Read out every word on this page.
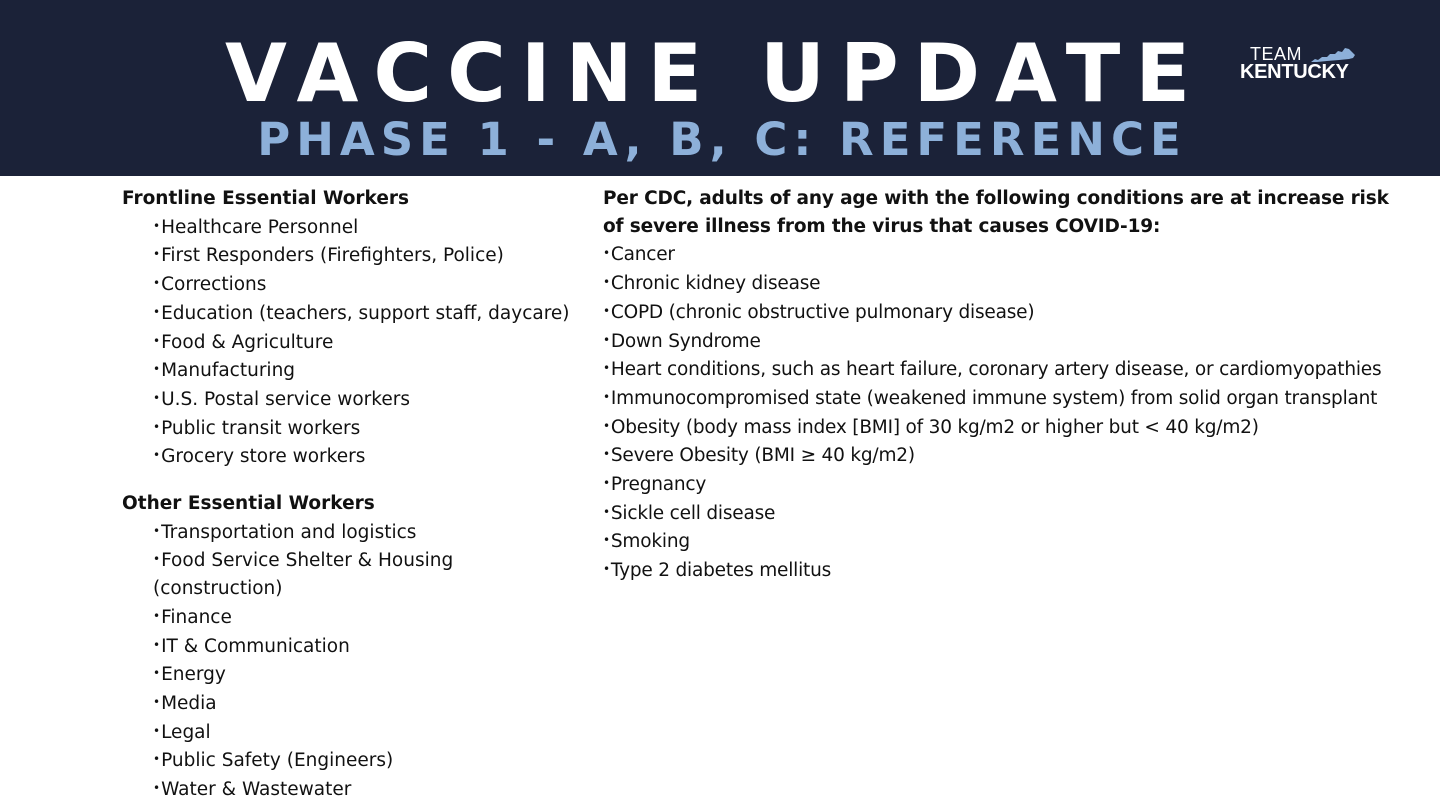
VACCINE UPDATE
PHASE 1 - A, B, C: REFERENCE
TEAM
KENTUCKY
Frontline Essential Workers
•Healthcare Personnel
•First Responders (Firefighters, Police)
•Corrections
•Education (teachers, support staff, daycare)
•Food & Agriculture
•Manufacturing
•U.S. Postal service workers
•Public transit workers
•Grocery store workers
Other Essential Workers
•Transportation and logistics
•Food Service Shelter & Housing
(construction)
•Finance
•IT & Communication
•Energy
•Media
•Legal
•Public Safety (Engineers)
•Water & Wastewater
Per CDC, adults of any age with the following conditions are at increase risk
of severe illness from the virus that causes COVID-19:
•Cancer
•Chronic kidney disease
•COPD (chronic obstructive pulmonary disease)
•Down Syndrome
•Heart conditions, such as heart failure, coronary artery disease, or cardiomyopathies
•Immunocompromised state (weakened immune system) from solid organ transplant
•Obesity (body mass index [BMI] of 30 kg/m2 or higher but < 40 kg/m2)
•Severe Obesity (BMI ≥ 40 kg/m2)
•Pregnancy
•Sickle cell disease
•Smoking
•Type 2 diabetes mellitus
